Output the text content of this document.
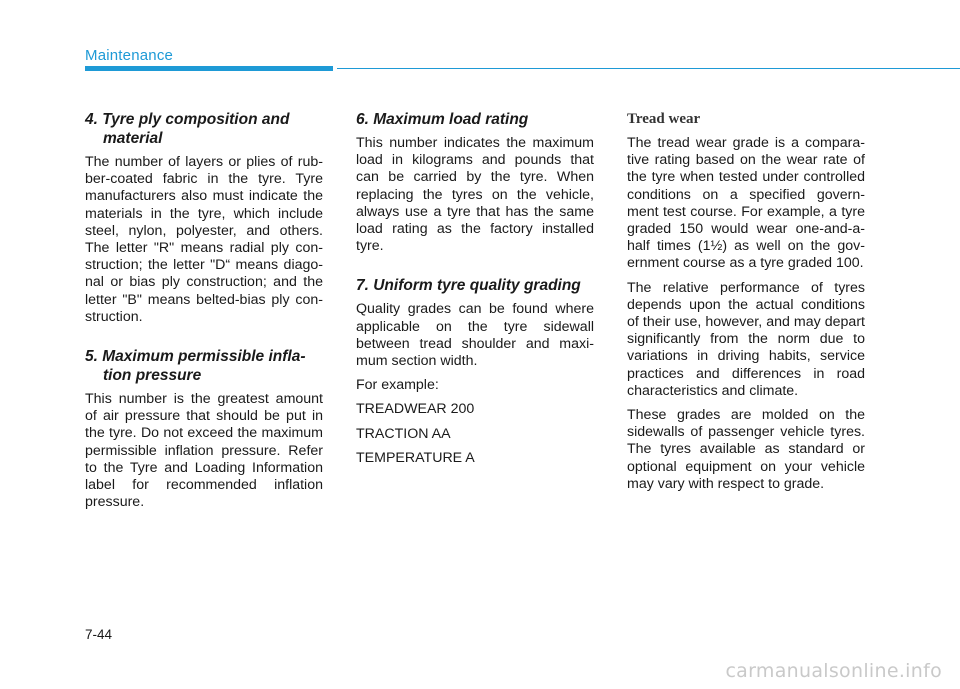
Maintenance
4. Tyre ply composition and material

The number of layers or plies of rub-ber-coated fabric in the tyre. Tyre manufacturers also must indicate the materials in the tyre, which include steel, nylon, polyester, and others. The letter "R" means radial ply con-struction; the letter "D“ means diago-nal or bias ply construction; and the letter "B" means belted-bias ply con-struction.

5. Maximum permissible infla-tion pressure

This number is the greatest amount of air pressure that should be put in the tyre. Do not exceed the maximum permissible inflation pressure. Refer to the Tyre and Loading Information label for recommended inflation pressure.

6. Maximum load rating

This number indicates the maximum load in kilograms and pounds that can be carried by the tyre. When replacing the tyres on the vehicle, always use a tyre that has the same load rating as the factory installed tyre.

7. Uniform tyre quality grading

Quality grades can be found where applicable on the tyre sidewall between tread shoulder and maxi-mum section width.

For example:

TREADWEAR 200

TRACTION AA

TEMPERATURE A

Tread wear

The tread wear grade is a compara-tive rating based on the wear rate of the tyre when tested under controlled conditions on a specified govern-ment test course. For example, a tyre graded 150 would wear one-and-a-half times (1½) as well on the gov-ernment course as a tyre graded 100.

The relative performance of tyres depends upon the actual conditions of their use, however, and may depart significantly from the norm due to variations in driving habits, service practices and differences in road characteristics and climate.

These grades are molded on the sidewalls of passenger vehicle tyres. The tyres available as standard or optional equipment on your vehicle may vary with respect to grade.

7-44
carmanualsonline.info
